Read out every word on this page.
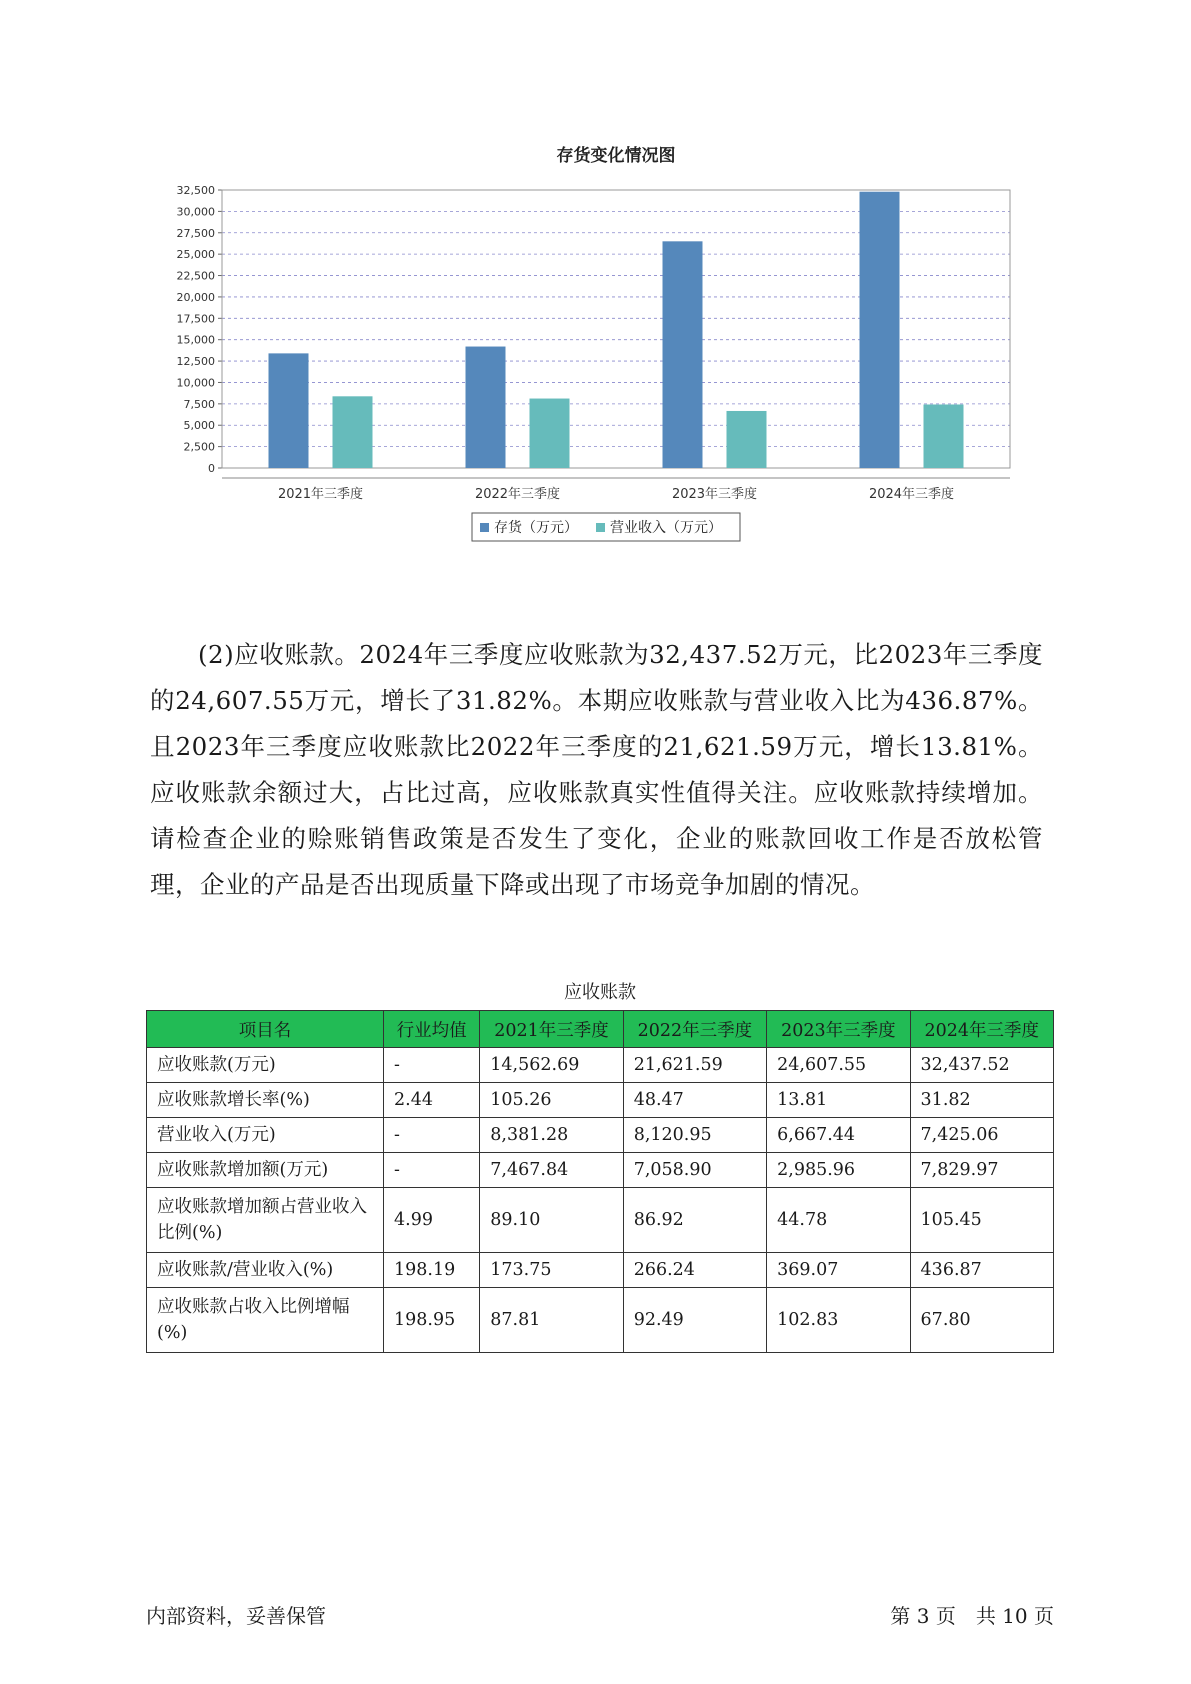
存货变化情况图
0
2,500
5,000
7,500
10,000
12,500
15,000
17,500
20,000
22,500
25,000
27,500
30,000
32,500
2021年三季度	2022年三季度	2023年三季度	2024年三季度
存货（万元） 营业收入（万元）

(2)应收账款。2024年三季度应收账款为32,437.52万元，比2023年三季度的24,607.55万元，增长了31.82%。本期应收账款与营业收入比为436.87%。且2023年三季度应收账款比2022年三季度的21,621.59万元，增长13.81%。应收账款余额过大，占比过高，应收账款真实性值得关注。应收账款持续增加。请检查企业的赊账销售政策是否发生了变化，企业的账款回收工作是否放松管理，企业的产品是否出现质量下降或出现了市场竞争加剧的情况。

应收账款
项目名	行业均值	2021年三季度	2022年三季度	2023年三季度	2024年三季度
应收账款(万元)	-	14,562.69	21,621.59	24,607.55	32,437.52
应收账款增长率(%)	2.44	105.26	48.47	13.81	31.82
营业收入(万元)	-	8,381.28	8,120.95	6,667.44	7,425.06
应收账款增加额(万元)	-	7,467.84	7,058.90	2,985.96	7,829.97
应收账款增加额占营业收入比例(%)	4.99	89.10	86.92	44.78	105.45
应收账款/营业收入(%)	198.19	173.75	266.24	369.07	436.87
应收账款占收入比例增幅(%)	198.95	87.81	92.49	102.83	67.80
内部资料，妥善保管	第 3 页　共 10 页
